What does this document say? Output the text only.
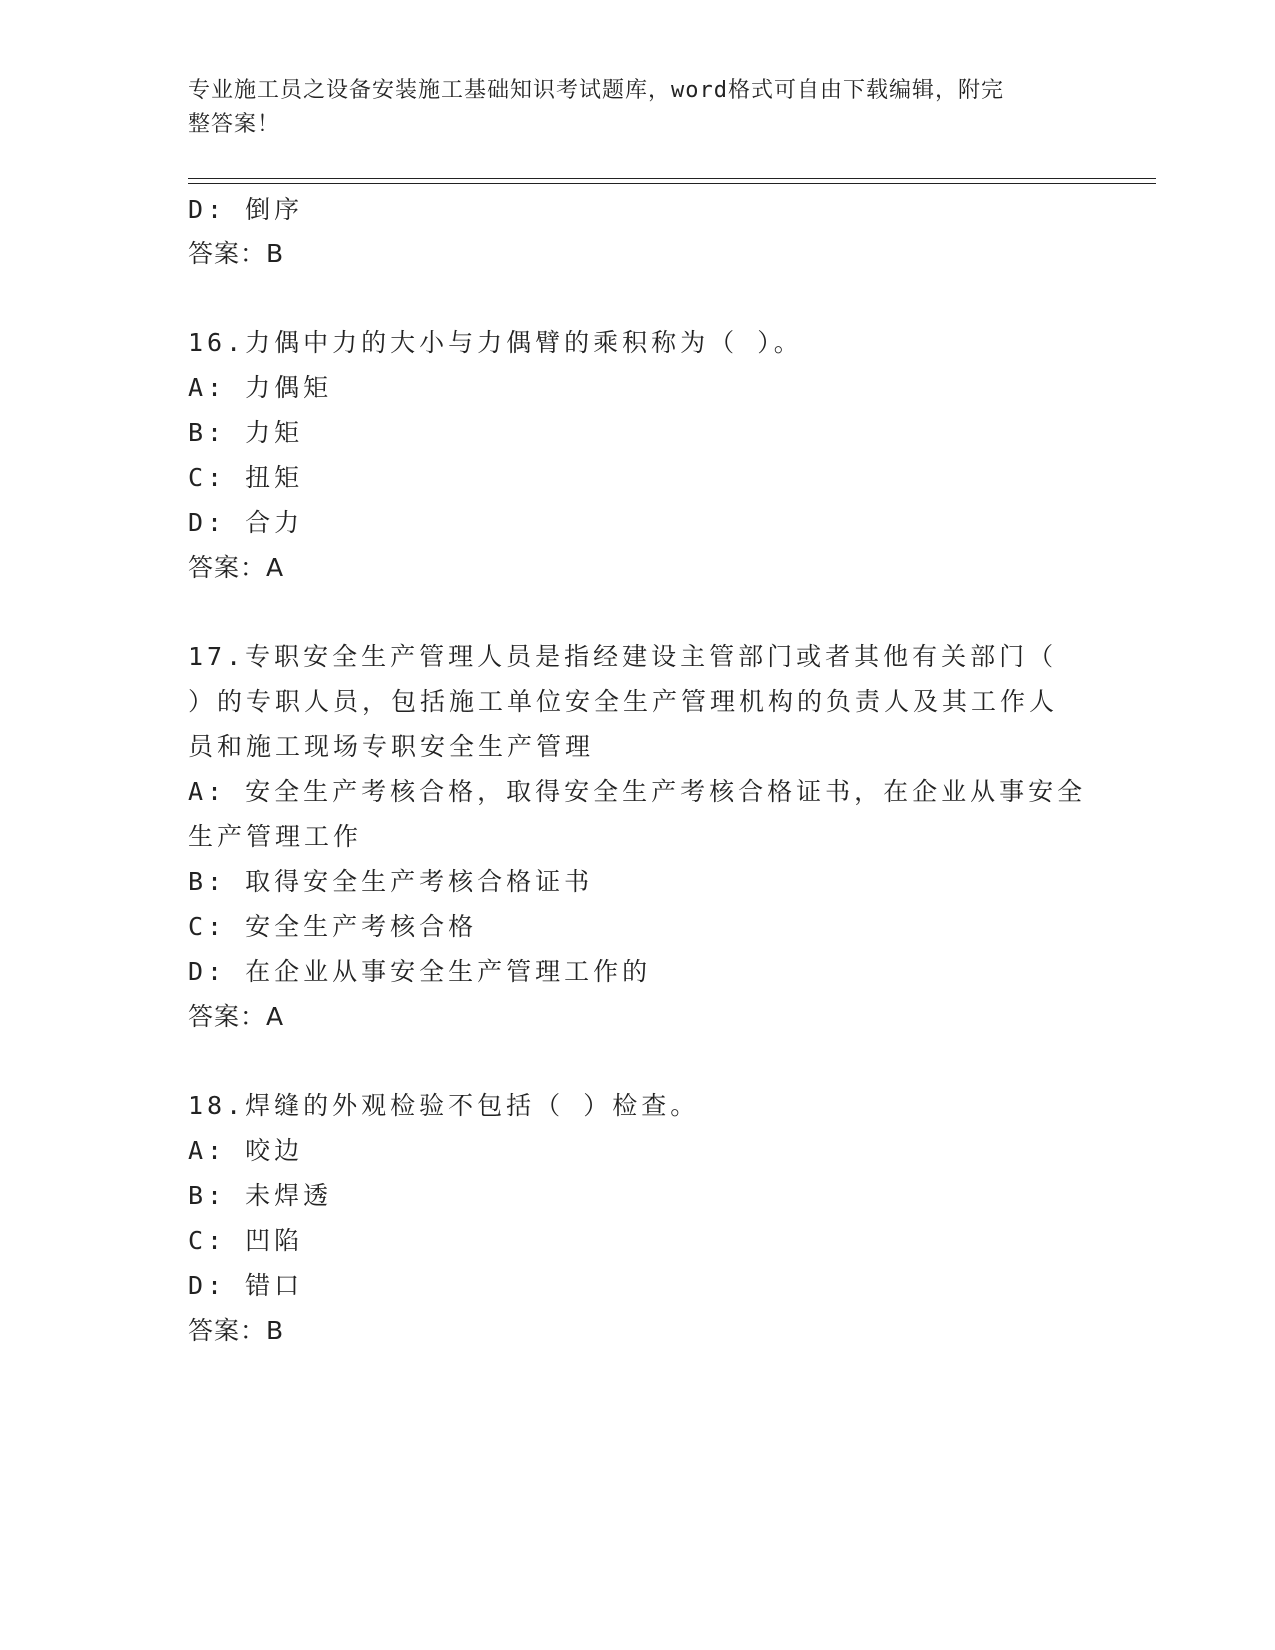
专业施工员之设备安装施工基础知识考试题库，word格式可自由下载编辑，附完
整答案！
D: 倒序
答案：B
16.力偶中力的大小与力偶臂的乘积称为（ ）。
A: 力偶矩
B: 力矩
C: 扭矩
D: 合力
答案：A
17.专职安全生产管理人员是指经建设主管部门或者其他有关部门（
）的专职人员，包括施工单位安全生产管理机构的负责人及其工作人
员和施工现场专职安全生产管理
A: 安全生产考核合格，取得安全生产考核合格证书，在企业从事安全
生产管理工作
B: 取得安全生产考核合格证书
C: 安全生产考核合格
D: 在企业从事安全生产管理工作的
答案：A
18.焊缝的外观检验不包括（ ）检查。
A: 咬边
B: 未焊透
C: 凹陷
D: 错口
答案：B
